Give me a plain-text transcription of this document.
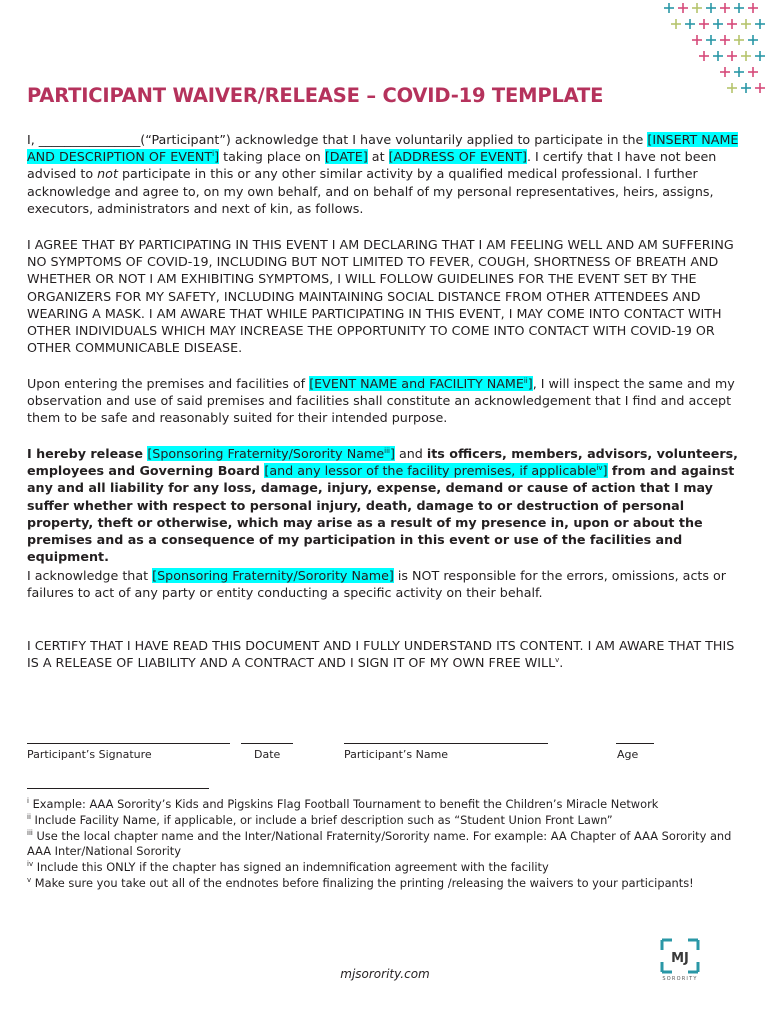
PARTICIPANT WAIVER/RELEASE – COVID-19 TEMPLATE

I, ________________(“Participant”) acknowledge that I have voluntarily applied to participate in the [INSERT NAME AND DESCRIPTION OF EVENT$^i$] taking place on [DATE] at [ADDRESS OF EVENT]. I certify that I have not been advised to not participate in this or any other similar activity by a qualified medical professional. I further acknowledge and agree to, on my own behalf, and on behalf of my personal representatives, heirs, assigns, executors, administrators and next of kin, as follows.

I AGREE THAT BY PARTICIPATING IN THIS EVENT I AM DECLARING THAT I AM FEELING WELL AND AM SUFFERING NO SYMPTOMS OF COVID-19, INCLUDING BUT NOT LIMITED TO FEVER, COUGH, SHORTNESS OF BREATH AND WHETHER OR NOT I AM EXHIBITING SYMPTOMS, I WILL FOLLOW GUIDELINES FOR THE EVENT SET BY THE ORGANIZERS FOR MY SAFETY, INCLUDING MAINTAINING SOCIAL DISTANCE FROM OTHER ATTENDEES AND WEARING A MASK. I AM AWARE THAT WHILE PARTICIPATING IN THIS EVENT, I MAY COME INTO CONTACT WITH OTHER INDIVIDUALS WHICH MAY INCREASE THE OPPORTUNITY TO COME INTO CONTACT WITH COVID-19 OR OTHER COMMUNICABLE DISEASE.

Upon entering the premises and facilities of [EVENT NAME and FACILITY NAME$^{ii}$], I will inspect the same and my observation and use of said premises and facilities shall constitute an acknowledgement that I find and accept them to be safe and reasonably suited for their intended purpose.

I hereby release [Sponsoring Fraternity/Sorority Name$^{iii}$] and its officers, members, advisors, volunteers, employees and Governing Board [and any lessor of the facility premises, if applicable$^{iv}$] from and against any and all liability for any loss, damage, injury, expense, demand or cause of action that I may suffer whether with respect to personal injury, death, damage to or destruction of personal property, theft or otherwise, which may arise as a result of my presence in, upon or about the premises and as a consequence of my participation in this event or use of the facilities and equipment.

I acknowledge that [Sponsoring Fraternity/Sorority Name] is NOT responsible for the errors, omissions, acts or failures to act of any party or entity conducting a specific activity on their behalf.

I CERTIFY THAT I HAVE READ THIS DOCUMENT AND I FULLY UNDERSTAND ITS CONTENT. I AM AWARE THAT THIS IS A RELEASE OF LIABILITY AND A CONTRACT AND I SIGN IT OF MY OWN FREE WILL$^v$.

Participant’s Signature	Date	Participant’s Name	Age
$^i$ Example: AAA Sorority’s Kids and Pigskins Flag Football Tournament to benefit the Children’s Miracle Network
$^{ii}$ Include Facility Name, if applicable, or include a brief description such as “Student Union Front Lawn”
$^{iii}$ Use the local chapter name and the Inter/National Fraternity/Sorority name. For example: AA Chapter of AAA Sorority and AAA Inter/National Sorority
$^{iv}$ Include this ONLY if the chapter has signed an indemnification agreement with the facility
$^v$ Make sure you take out all of the endnotes before finalizing the printing /releasing the waivers to your participants!
MJ
SORORITY
mjsorority.com
